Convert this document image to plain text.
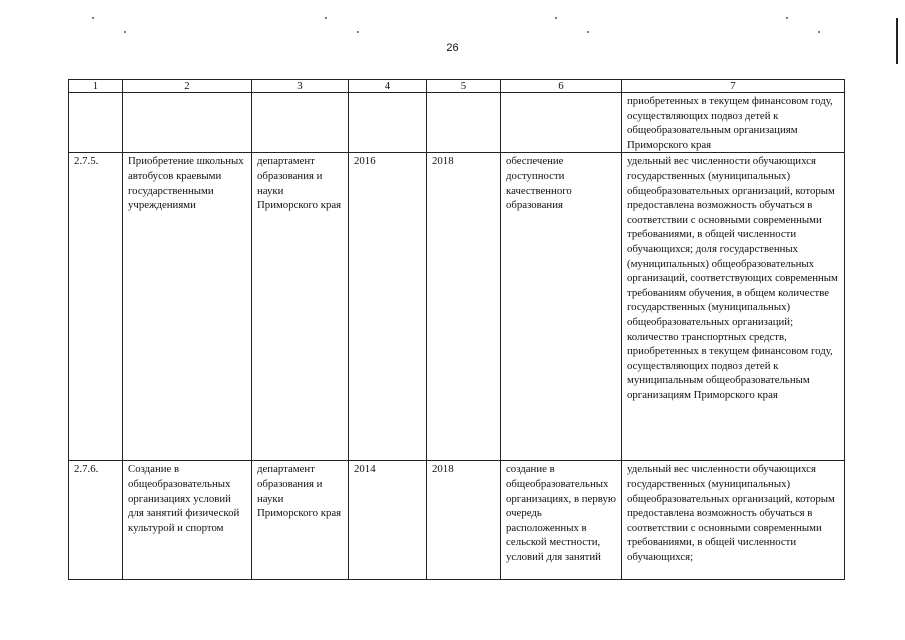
26
1	2	3	4	5	6	7
						приобретенных в текущем финансовом году, осуществляющих подвоз детей к общеобразовательным организациям Приморского края
2.7.5.	Приобретение школьных автобусов краевыми государственными учреждениями	департамент образования и науки Приморского края	2016	2018	обеспечение доступности качественного образования	удельный вес численности обучающихся государственных (муниципальных) общеобразовательных организаций, которым предоставлена возможность обучаться в соответствии с основными современными требованиями, в общей численности обучающихся; доля государственных (муниципальных) общеобразовательных организаций, соответствующих современным требованиям обучения, в общем количестве государственных (муниципальных) общеобразовательных организаций; количество транспортных средств, приобретенных в текущем финансовом году, осуществляющих подвоз детей к муниципальным общеобразовательным организациям Приморского края
2.7.6.	Создание в общеобразовательных организациях условий для занятий физической культурой и спортом	департамент образования и науки Приморского края	2014	2018	создание в общеобразовательных организациях, в первую очередь расположенных в сельской местности, условий для занятий	удельный вес численности обучающихся государственных (муниципальных) общеобразовательных организаций, которым предоставлена возможность обучаться в соответствии с основными современными требованиями, в общей численности обучающихся;
